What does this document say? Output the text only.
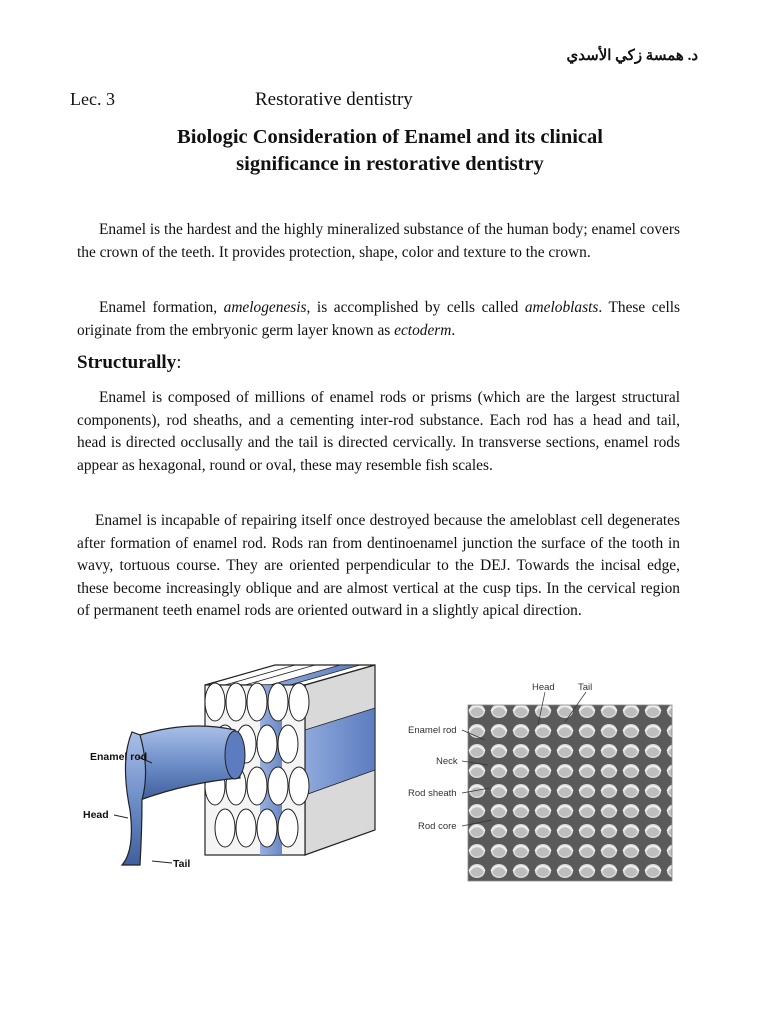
د. همسة زكي الأسدي
Lec. 3	Restorative dentistry
Biologic Consideration of Enamel and its clinical
significance in restorative dentistry

Enamel is the hardest and the highly mineralized substance of the human body; enamel covers the crown of the teeth. It provides protection, shape, color and texture to the crown.

Enamel formation, amelogenesis, is accomplished by cells called ameloblasts. These cells originate from the embryonic germ layer known as ectoderm.

Structurally:

Enamel is composed of millions of enamel rods or prisms (which are the largest structural components), rod sheaths, and a cementing inter-rod substance. Each rod has a head and tail, head is directed occlusally and the tail is directed cervically. In transverse sections, enamel rods appear as hexagonal, round or oval, these may resemble fish scales.

Enamel is incapable of repairing itself once destroyed because the ameloblast cell degenerates after formation of enamel rod. Rods ran from dentinoenamel junction the surface of the tooth in wavy, tortuous course. They are oriented perpendicular to the DEJ. Towards the incisal edge, these become increasingly oblique and are almost vertical at the cusp tips. In the cervical region of permanent teeth enamel rods are oriented outward in a slightly apical direction.

Enamel rod
Head
Tail
Head Tail
Enamel rod
Neck
Rod sheath
Rod core
